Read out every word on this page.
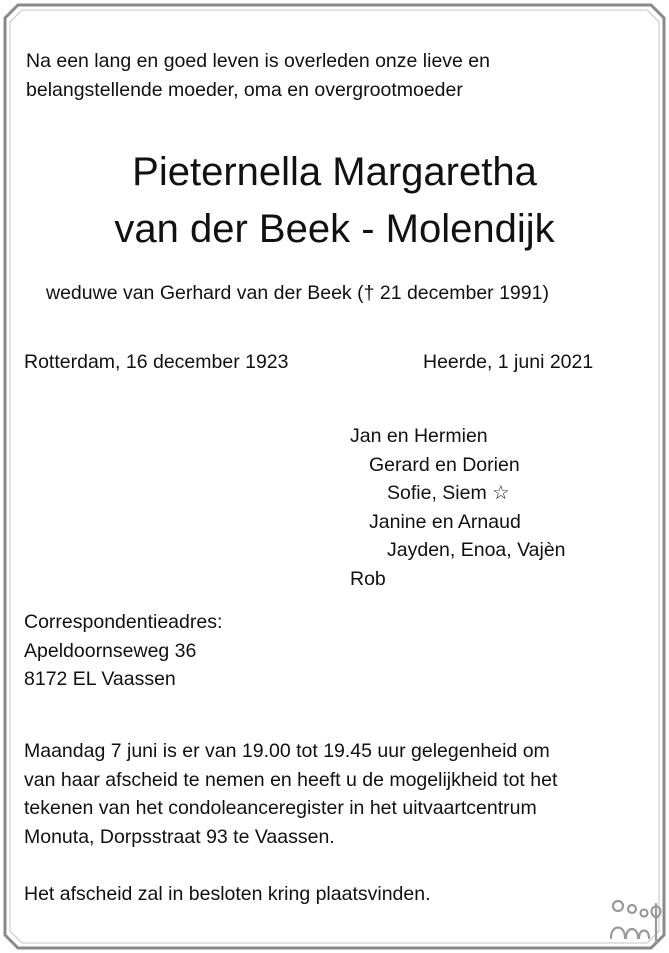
Na een lang en goed leven is overleden onze lieve en
belangstellende moeder, oma en overgrootmoeder
Pieternella Margaretha
van der Beek - Molendijk
weduwe van Gerhard van der Beek († 21 december 1991)
Rotterdam, 16 december 1923	Heerde, 1 juni 2021
Jan en Hermien
Gerard en Dorien
Sofie, Siem ☆
Janine en Arnaud
Jayden, Enoa, Vajèn
Rob
Correspondentieadres:
Apeldoornseweg 36
8172 EL Vaassen
Maandag 7 juni is er van 19.00 tot 19.45 uur gelegenheid om
van haar afscheid te nemen en heeft u de mogelijkheid tot het
tekenen van het condoleanceregister in het uitvaartcentrum
Monuta, Dorpsstraat 93 te Vaassen.
Het afscheid zal in besloten kring plaatsvinden.
